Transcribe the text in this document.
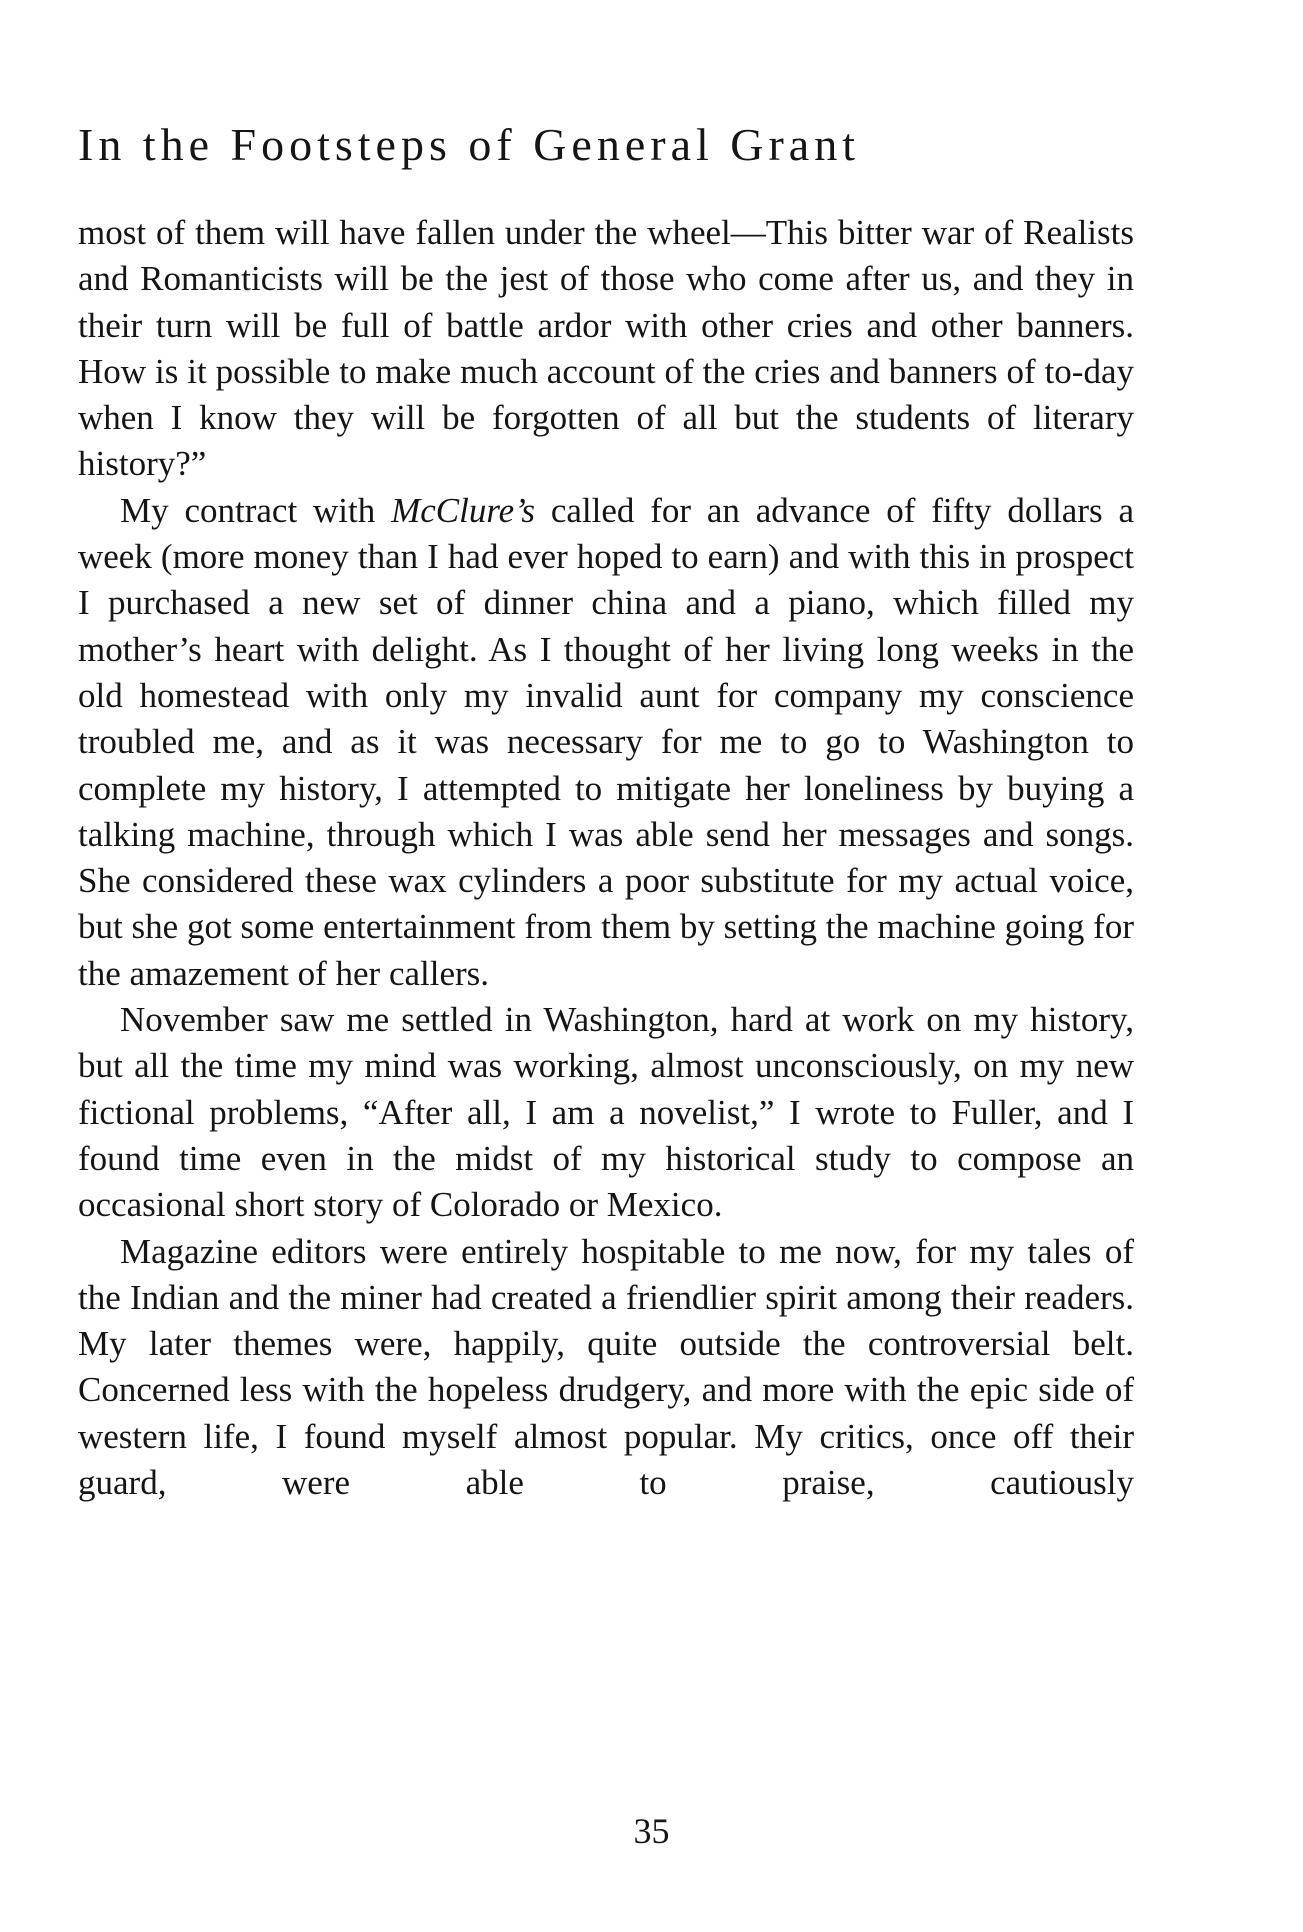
In the Footsteps of General Grant

most of them will have fallen under the wheel—This bitter war of Realists and Romanticists will be the jest of those who come after us, and they in their turn will be full of battle ardor with other cries and other banners. How is it possible to make much account of the cries and banners of to-day when I know they will be forgotten of all but the students of literary history?”

My contract with McClure’s called for an advance of fifty dollars a week (more money than I had ever hoped to earn) and with this in prospect I purchased a new set of dinner china and a piano, which filled my mother’s heart with delight. As I thought of her living long weeks in the old homestead with only my invalid aunt for company my conscience troubled me, and as it was necessary for me to go to Washington to complete my history, I attempted to mitigate her loneliness by buying a talking machine, through which I was able send her messages and songs. She considered these wax cylinders a poor substitute for my actual voice, but she got some entertainment from them by setting the machine going for the amazement of her callers.

November saw me settled in Washington, hard at work on my history, but all the time my mind was working, almost unconsciously, on my new fictional problems, “After all, I am a novelist,” I wrote to Fuller, and I found time even in the midst of my historical study to compose an occasional short story of Colorado or Mexico.

Magazine editors were entirely hospitable to me now, for my tales of the Indian and the miner had created a friendlier spirit among their readers. My later themes were, happily, quite outside the controversial belt. Concerned less with the hopeless drudgery, and more with the epic side of western life, I found myself almost popular. My critics, once off their guard, were able to praise, cautiously

35
